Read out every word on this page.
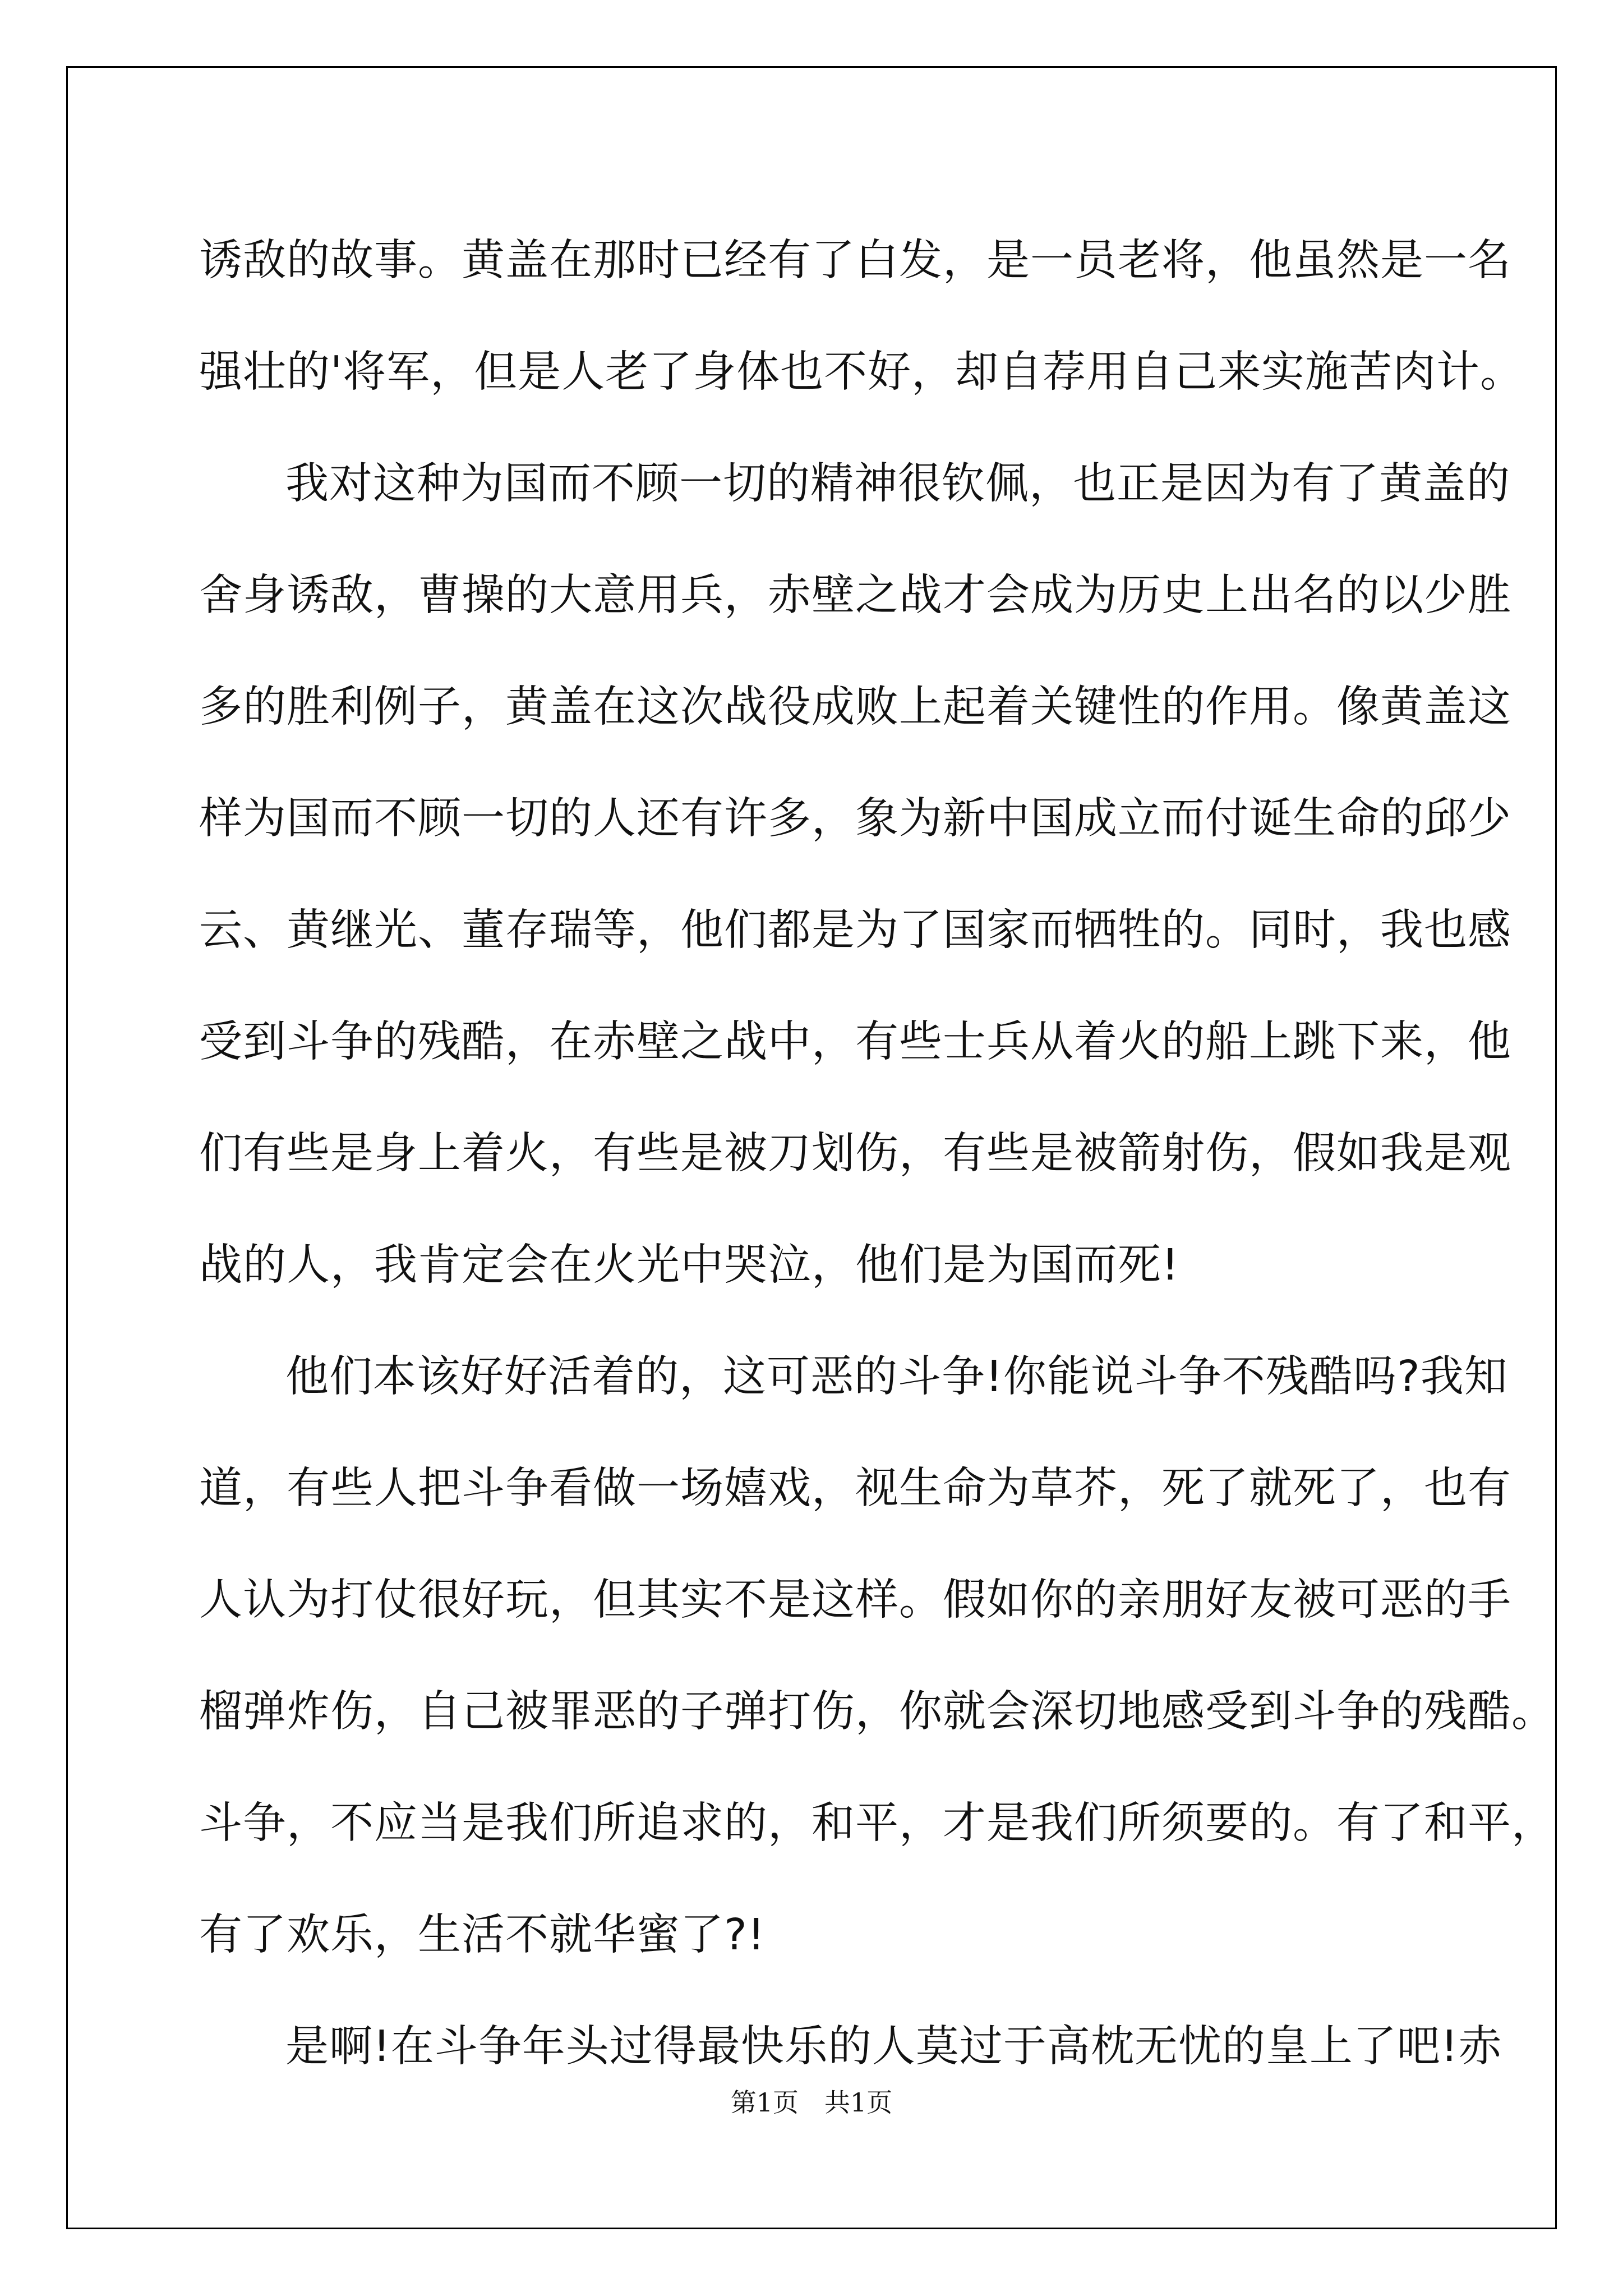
诱敌的故事。黄盖在那时已经有了白发，是一员老将，他虽然是一名

强壮的'将军，但是人老了身体也不好，却自荐用自己来实施苦肉计。

我对这种为国而不顾一切的精神很钦佩，也正是因为有了黄盖的

舍身诱敌，曹操的大意用兵，赤壁之战才会成为历史上出名的以少胜

多的胜利例子，黄盖在这次战役成败上起着关键性的作用。像黄盖这

样为国而不顾一切的人还有许多，象为新中国成立而付诞生命的邱少

云、黄继光、董存瑞等，他们都是为了国家而牺牲的。同时，我也感

受到斗争的残酷，在赤壁之战中，有些士兵从着火的船上跳下来，他

们有些是身上着火，有些是被刀划伤，有些是被箭射伤，假如我是观

战的人，我肯定会在火光中哭泣，他们是为国而死!

他们本该好好活着的，这可恶的斗争!你能说斗争不残酷吗?我知

道，有些人把斗争看做一场嬉戏，视生命为草芥，死了就死了，也有

人认为打仗很好玩，但其实不是这样。假如你的亲朋好友被可恶的手

榴弹炸伤，自己被罪恶的子弹打伤，你就会深切地感受到斗争的残酷。

斗争，不应当是我们所追求的，和平，才是我们所须要的。有了和平，

有了欢乐，生活不就华蜜了?!

是啊!在斗争年头过得最快乐的人莫过于高枕无忧的皇上了吧!赤

第1页 共1页
